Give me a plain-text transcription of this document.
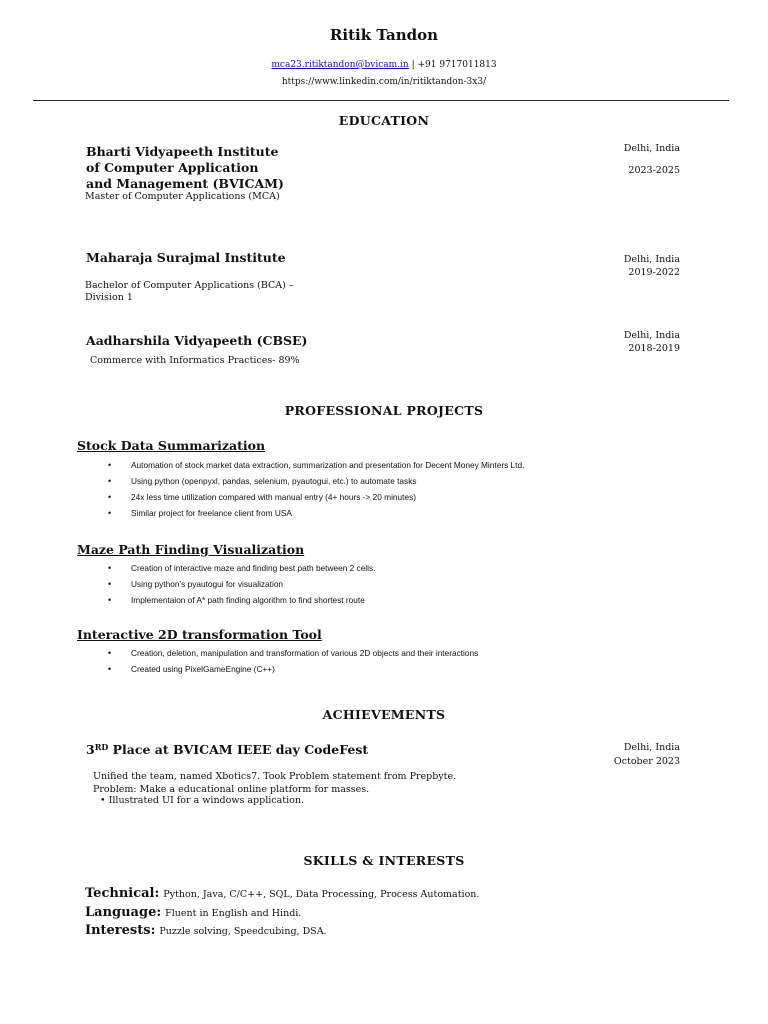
Ritik Tandon
mca23.ritiktandon@bvicam.in | +91 9717011813
https://www.linkedin.com/in/ritiktandon-3x3/
EDUCATION
Bharti Vidyapeeth Institute
of Computer Application
and Management (BVICAM)
Master of Computer Applications (MCA)
Delhi, India
2023-2025
Maharaja Surajmal Institute
Bachelor of Computer Applications (BCA) –
Division 1
Delhi, India
2019-2022
Aadharshila Vidyapeeth (CBSE)
Commerce with Informatics Practices- 89%
Delhi, India
2018-2019
PROFESSIONAL PROJECTS
Stock Data Summarization
• Automation of stock market data extraction, summarization and presentation for Decent Money Minters Ltd.
• Using python (openpyxl, pandas, selenium, pyautogui, etc.) to automate tasks
• 24x less time utilization compared with manual entry (4+ hours -> 20 minutes)
• Similar project for freelance client from USA
Maze Path Finding Visualization
• Creation of interactive maze and finding best path between 2 cells.
• Using python’s pyautogui for visualization
• Implementaion of A* path finding algorithm to find shortest route
Interactive 2D transformation Tool
• Creation, deletion, manipulation and transformation of various 2D objects and their interactions
• Created using PixelGameEngine (C++)
ACHIEVEMENTS
3RD Place at BVICAM IEEE day CodeFest	Delhi, India
October 2023
Unified the team, named Xbotics7. Took Problem statement from Prepbyte.
Problem: Make a educational online platform for masses.
• Illustrated UI for a windows application.
SKILLS & INTERESTS
Technical: Python, Java, C/C++, SQL, Data Processing, Process Automation.
Language: Fluent in English and Hindi.
Interests: Puzzle solving, Speedcubing, DSA.
